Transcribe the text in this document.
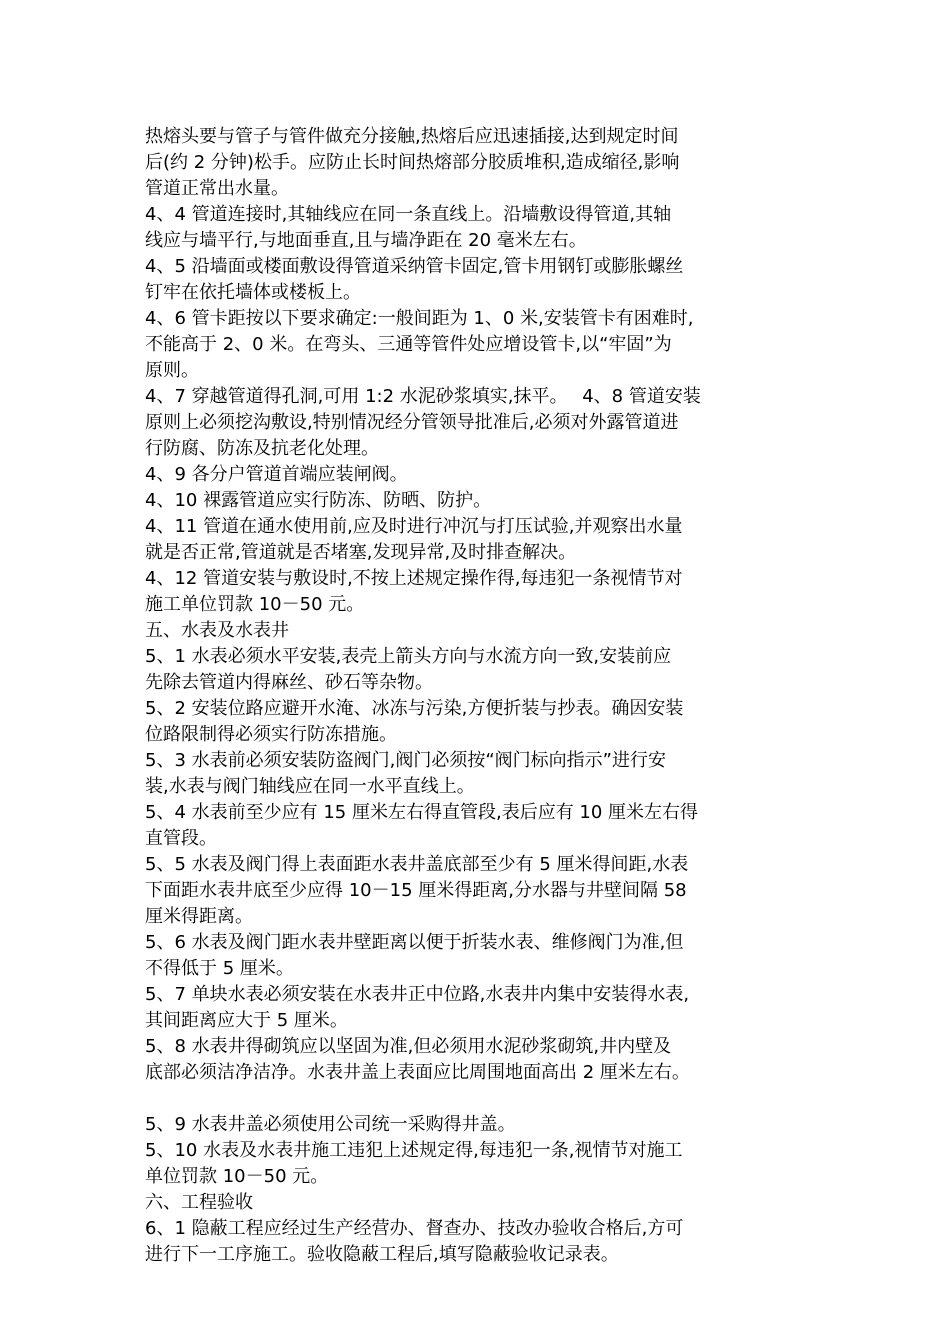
热熔头要与管子与管件做充分接触,热熔后应迅速插接,达到规定时间
后(约 2 分钟)松手。应防止长时间热熔部分胶质堆积,造成缩径,影响
管道正常出水量。
4、4 管道连接时,其轴线应在同一条直线上。沿墙敷设得管道,其轴
线应与墙平行,与地面垂直,且与墙净距在 20 毫米左右。
4、5 沿墙面或楼面敷设得管道采纳管卡固定,管卡用钢钉或膨胀螺丝
钉牢在依托墙体或楼板上。
4、6 管卡距按以下要求确定:一般间距为 1、0 米,安装管卡有困难时,
不能高于 2、0 米。在弯头、三通等管件处应增设管卡,以“牢固”为
原则。
4、7 穿越管道得孔洞,可用 1:2 水泥砂浆填实,抹平。　 4、8 管道安装
原则上必须挖沟敷设,特别情况经分管领导批准后,必须对外露管道进
行防腐、防冻及抗老化处理。
4、9 各分户管道首端应装闸阀。
4、10 裸露管道应实行防冻、防晒、防护。
4、11 管道在通水使用前,应及时进行冲沉与打压试验,并观察出水量
就是否正常,管道就是否堵塞,发现异常,及时排查解决。
4、12 管道安装与敷设时,不按上述规定操作得,每违犯一条视情节对
施工单位罚款 10－50 元。
五、水表及水表井
5、1 水表必须水平安装,表壳上箭头方向与水流方向一致,安装前应
先除去管道内得麻丝、砂石等杂物。
5、2 安装位路应避开水淹、冰冻与污染,方便折装与抄表。确因安装
位路限制得必须实行防冻措施。
5、3 水表前必须安装防盗阀门,阀门必须按“阀门标向指示”进行安
装,水表与阀门轴线应在同一水平直线上。
5、4 水表前至少应有 15 厘米左右得直管段,表后应有 10 厘米左右得
直管段。
5、5 水表及阀门得上表面距水表井盖底部至少有 5 厘米得间距,水表
下面距水表井底至少应得 10－15 厘米得距离,分水器与井壁间隔 58
厘米得距离。
5、6 水表及阀门距水表井壁距离以便于折装水表、维修阀门为准,但
不得低于 5 厘米。
5、7 单块水表必须安装在水表井正中位路,水表井内集中安装得水表,
其间距离应大于 5 厘米。
5、8 水表井得砌筑应以坚固为准,但必须用水泥砂浆砌筑,井内壁及
底部必须洁净洁净。水表井盖上表面应比周围地面高出 2 厘米左右。
5、9 水表井盖必须使用公司统一采购得井盖。
5、10 水表及水表井施工违犯上述规定得,每违犯一条,视情节对施工
单位罚款 10－50 元。
六、工程验收
6、1 隐蔽工程应经过生产经营办、督查办、技改办验收合格后,方可
进行下一工序施工。验收隐蔽工程后,填写隐蔽验收记录表。
